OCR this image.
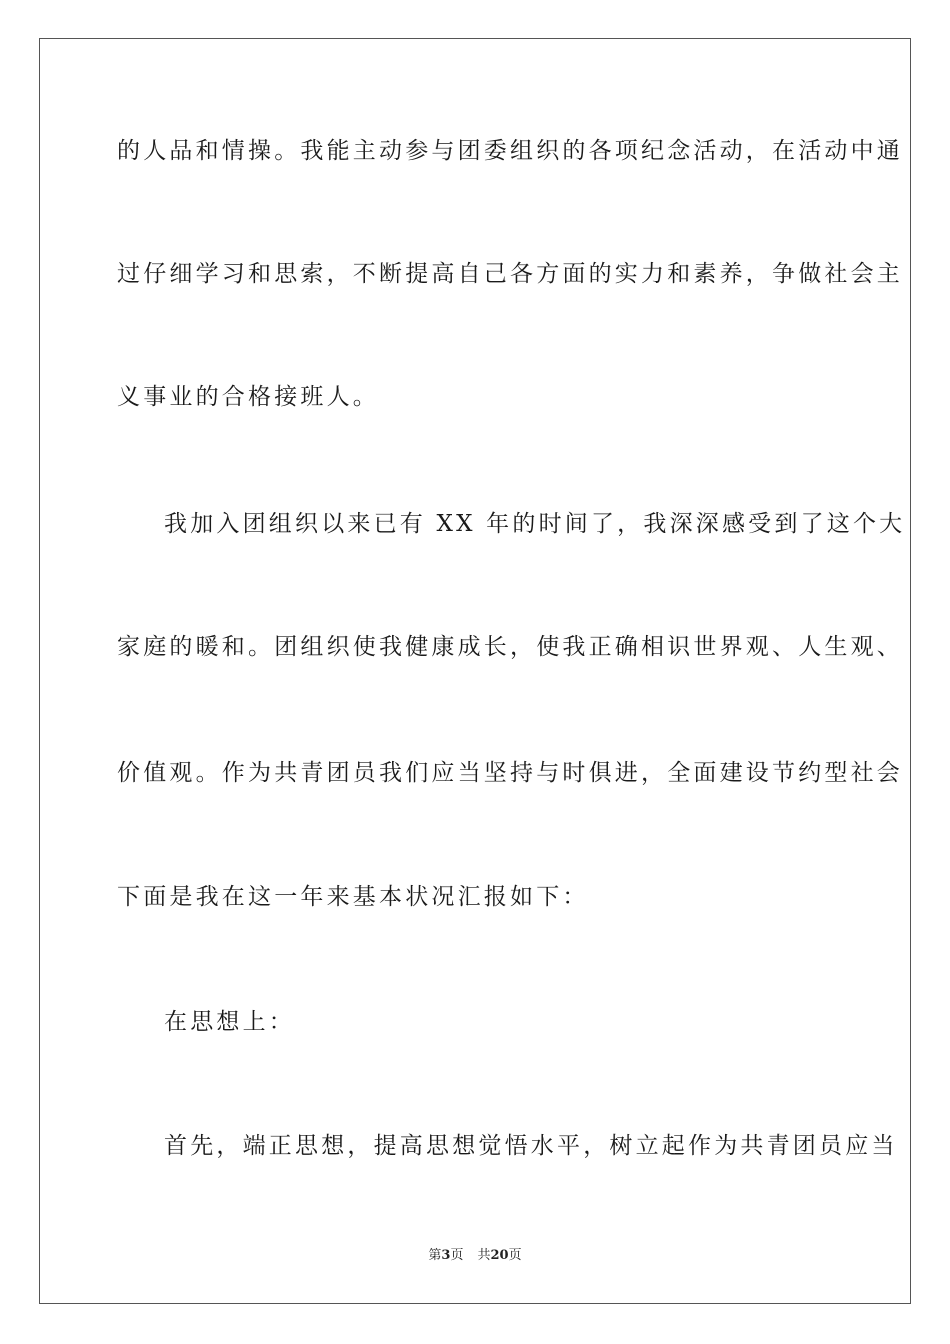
的人品和情操。我能主动参与团委组织的各项纪念活动，在活动中通
过仔细学习和思索，不断提高自己各方面的实力和素养，争做社会主
义事业的合格接班人。
我加入团组织以来已有 XX 年的时间了，我深深感受到了这个大
家庭的暖和。团组织使我健康成长，使我正确相识世界观、人生观、
价值观。作为共青团员我们应当坚持与时俱进，全面建设节约型社会
下面是我在这一年来基本状况汇报如下：
在思想上：
首先，端正思想，提高思想觉悟水平，树立起作为共青团员应当
第3页 共20页
